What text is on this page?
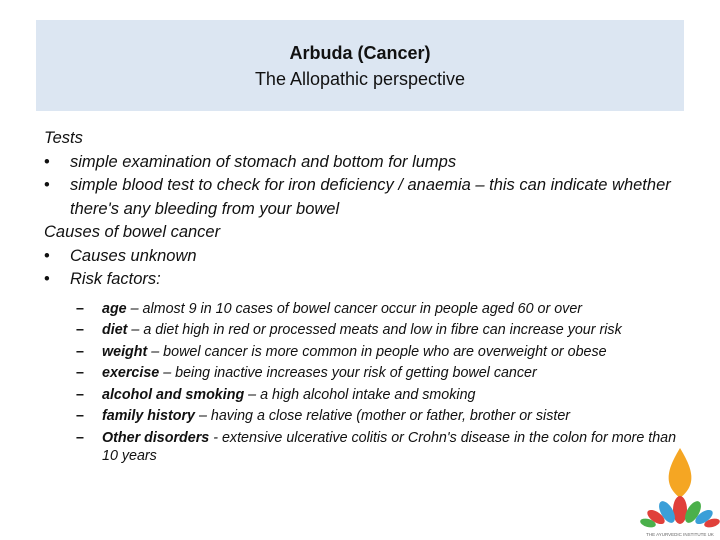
Arbuda (Cancer)
The Allopathic perspective

Tests

• simple examination of stomach and bottom for lumps
• simple blood test to check for iron deficiency / anaemia – this can indicate whether there's any bleeding from your bowel

Causes of bowel cancer

• Causes unknown
• Risk factors:
– age – almost 9 in 10 cases of bowel cancer occur in people aged 60 or over
– diet – a diet high in red or processed meats and low in fibre can increase your risk
– weight – bowel cancer is more common in people who are overweight or obese
– exercise – being inactive increases your risk of getting bowel cancer
– alcohol and smoking – a high alcohol intake and smoking
– family history – having a close relative (mother or father, brother or sister
– Other disorders - extensive ulcerative colitis or Crohn's disease in the colon for more than 10 years
THE AYURVEDIC INSTITUTE UK
